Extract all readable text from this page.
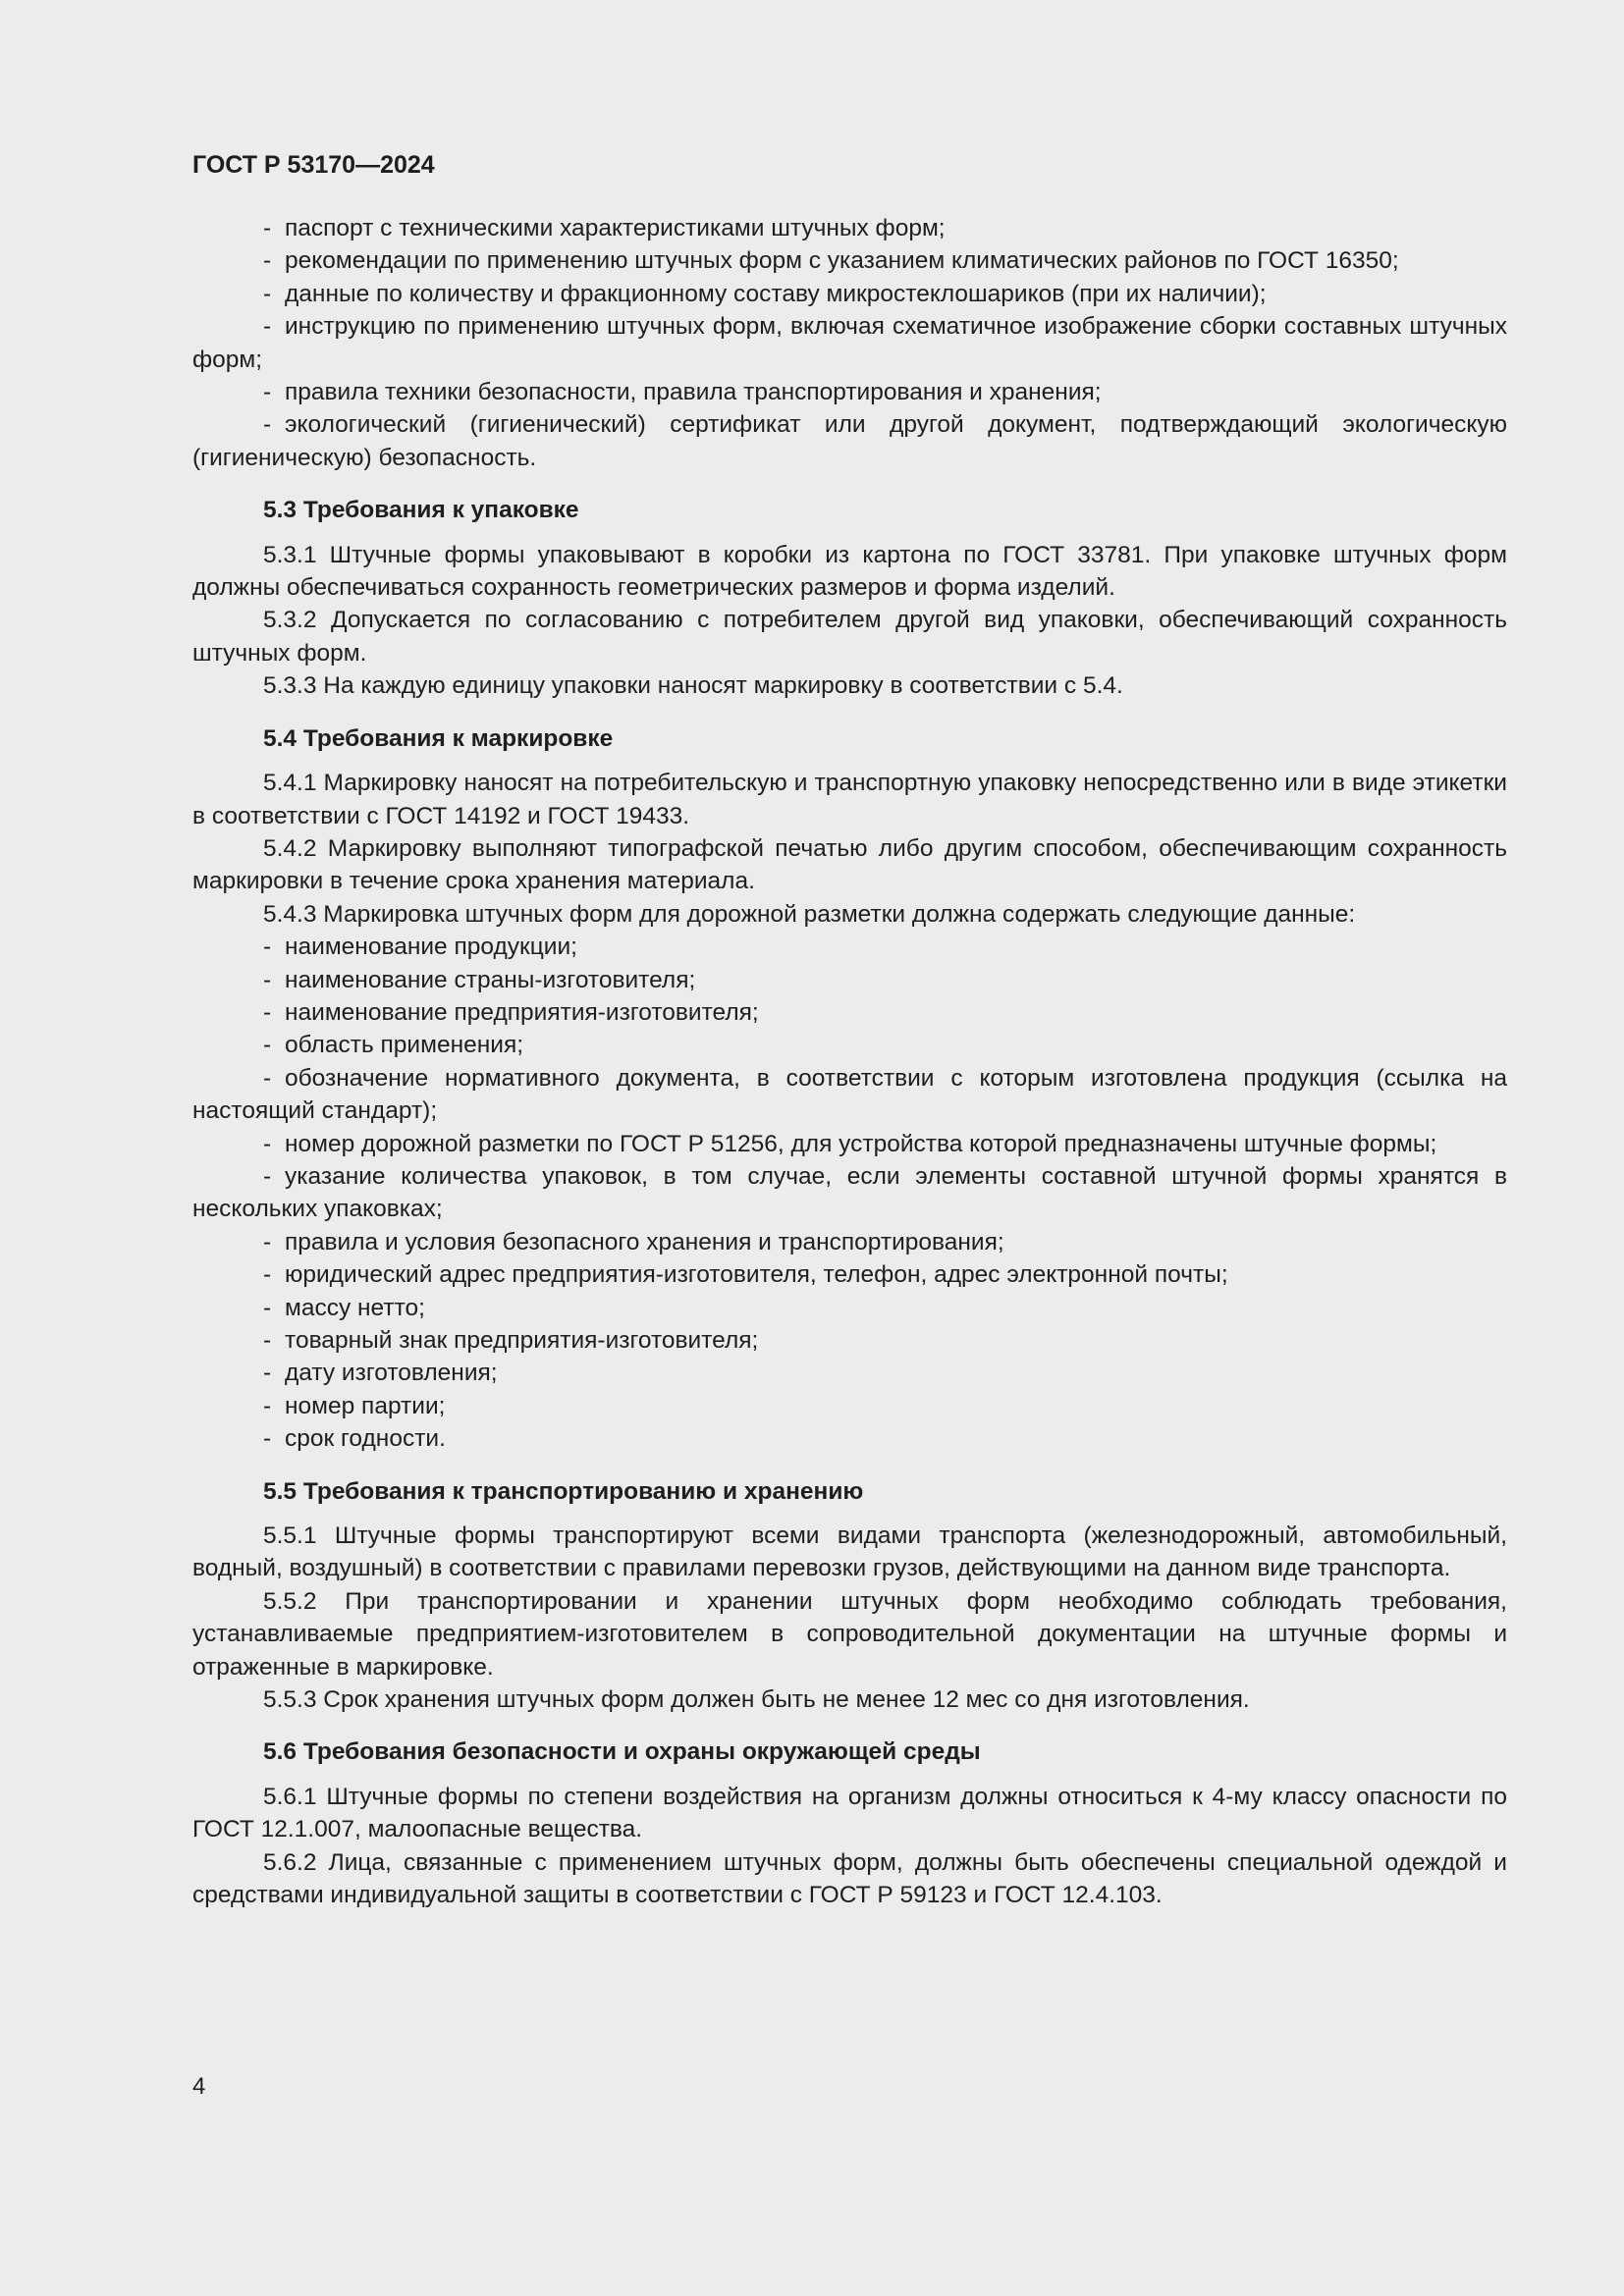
ГОСТ Р 53170—2024

- паспорт с техническими характеристиками штучных форм;

- рекомендации по применению штучных форм с указанием климатических районов по ГОСТ 16350;

- данные по количеству и фракционному составу микростеклошариков (при их наличии);

- инструкцию по применению штучных форм, включая схематичное изображение сборки составных штучных форм;

- правила техники безопасности, правила транспортирования и хранения;

- экологический (гигиенический) сертификат или другой документ, подтверждающий экологическую (гигиеническую) безопасность.

5.3 Требования к упаковке

5.3.1 Штучные формы упаковывают в коробки из картона по ГОСТ 33781. При упаковке штучных форм должны обеспечиваться сохранность геометрических размеров и форма изделий.

5.3.2 Допускается по согласованию с потребителем другой вид упаковки, обеспечивающий сохранность штучных форм.

5.3.3 На каждую единицу упаковки наносят маркировку в соответствии с 5.4.

5.4 Требования к маркировке

5.4.1 Маркировку наносят на потребительскую и транспортную упаковку непосредственно или в виде этикетки в соответствии с ГОСТ 14192 и ГОСТ 19433.

5.4.2 Маркировку выполняют типографской печатью либо другим способом, обеспечивающим сохранность маркировки в течение срока хранения материала.

5.4.3 Маркировка штучных форм для дорожной разметки должна содержать следующие данные:

- наименование продукции;

- наименование страны-изготовителя;

- наименование предприятия-изготовителя;

- область применения;

- обозначение нормативного документа, в соответствии с которым изготовлена продукция (ссылка на настоящий стандарт);

- номер дорожной разметки по ГОСТ Р 51256, для устройства которой предназначены штучные формы;

- указание количества упаковок, в том случае, если элементы составной штучной формы хранятся в нескольких упаковках;

- правила и условия безопасного хранения и транспортирования;

- юридический адрес предприятия-изготовителя, телефон, адрес электронной почты;

- массу нетто;

- товарный знак предприятия-изготовителя;

- дату изготовления;

- номер партии;

- срок годности.

5.5 Требования к транспортированию и хранению

5.5.1 Штучные формы транспортируют всеми видами транспорта (железнодорожный, автомобильный, водный, воздушный) в соответствии с правилами перевозки грузов, действующими на данном виде транспорта.

5.5.2 При транспортировании и хранении штучных форм необходимо соблюдать требования, устанавливаемые предприятием-изготовителем в сопроводительной документации на штучные формы и отраженные в маркировке.

5.5.3 Срок хранения штучных форм должен быть не менее 12 мес со дня изготовления.

5.6 Требования безопасности и охраны окружающей среды

5.6.1 Штучные формы по степени воздействия на организм должны относиться к 4-му классу опасности по ГОСТ 12.1.007, малоопасные вещества.

5.6.2 Лица, связанные с применением штучных форм, должны быть обеспечены специальной одеждой и средствами индивидуальной защиты в соответствии с ГОСТ Р 59123 и ГОСТ 12.4.103.

4
